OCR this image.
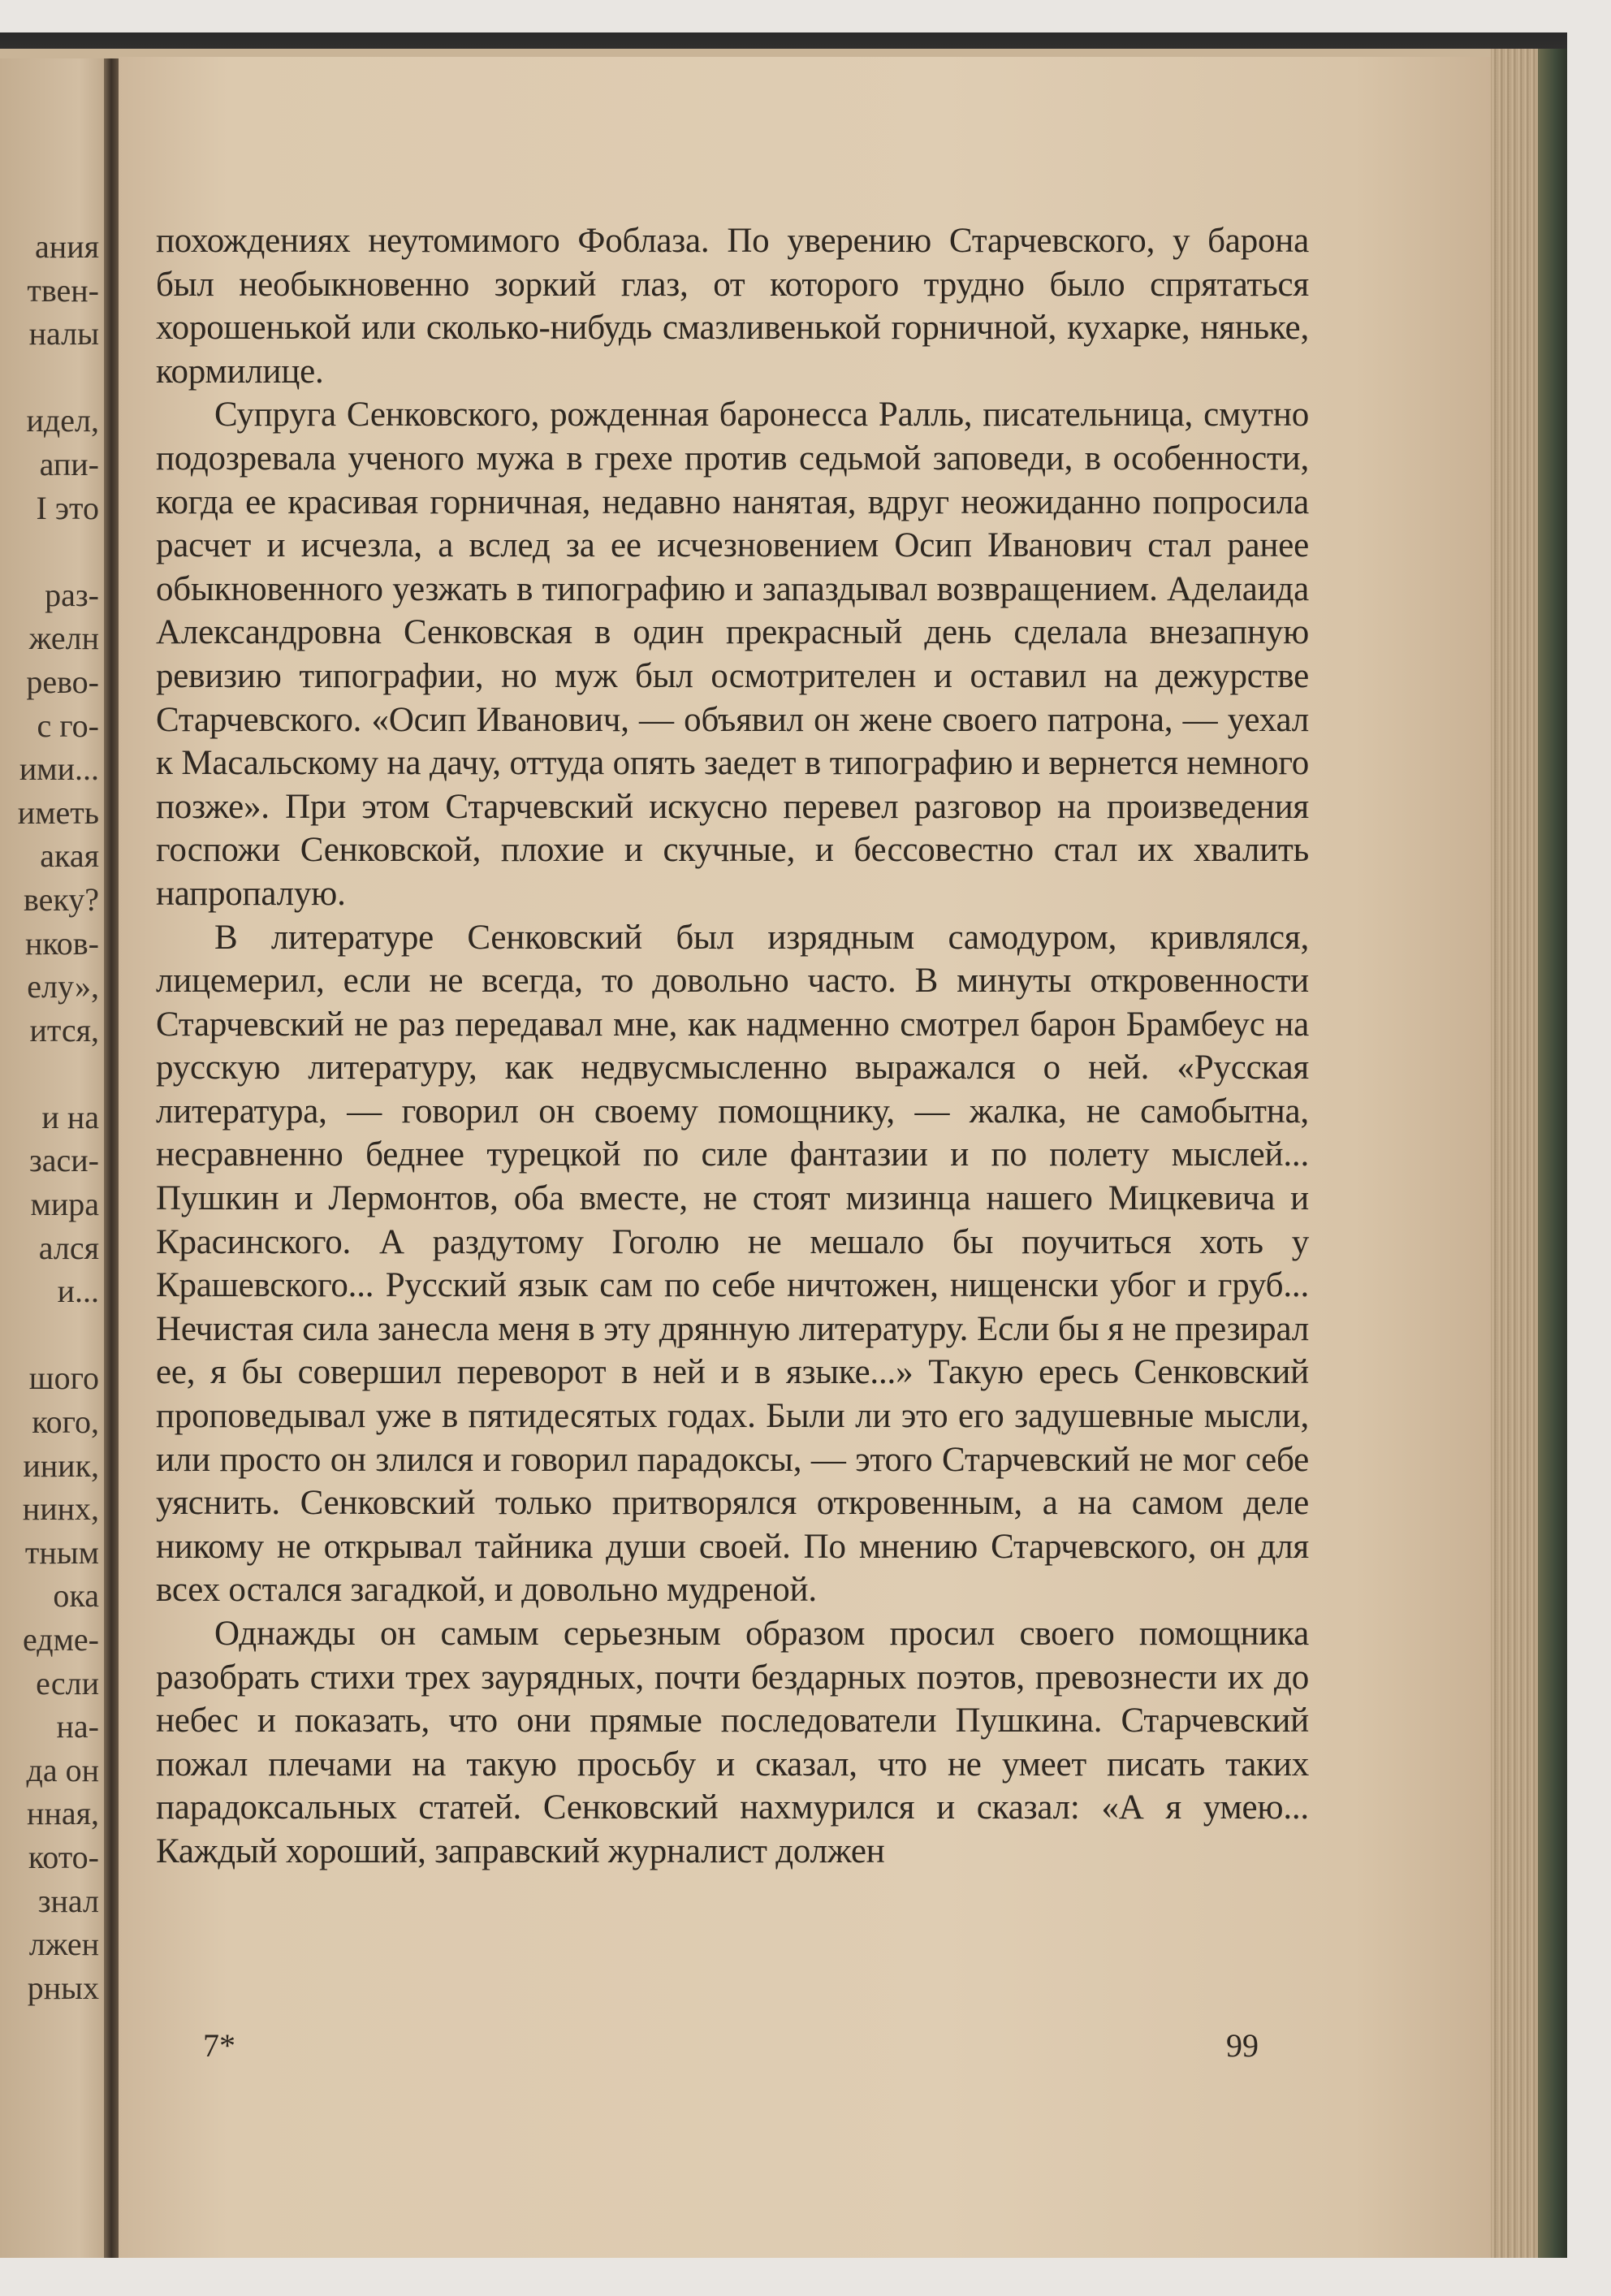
ания
твен-
налы
идел,
апи-
I это
раз-
желн
рево-
с го-
ими...
иметь
акая
веку?
нков-
елу»,
ится,
и на
заси-
мира
ался
и...
шого
кого,
иник,
нинх,
тным
ока
едме-
если
на-
да он
нная,
кото-
знал
лжен
рных

похождениях неутомимого Фоблаза. По уверению Старчевского, у барона был необыкновенно зоркий глаз, от которого трудно было спрятаться хорошенькой или сколько-нибудь смазливенькой горничной, кухарке, няньке, кормилице.

Супруга Сенковского, рожденная баронесса Ралль, писательница, смутно подозревала ученого мужа в грехе против седьмой заповеди, в особенности, когда ее красивая горничная, недавно нанятая, вдруг неожиданно попросила расчет и исчезла, а вслед за ее исчезновением Осип Иванович стал ранее обыкновенного уезжать в типографию и запаздывал возвращением. Аделаида Александровна Сенковская в один прекрасный день сделала внезапную ревизию типографии, но муж был осмотрителен и оставил на дежурстве Старчевского. «Осип Иванович, — объявил он жене своего патрона, — уехал к Масальскому на дачу, оттуда опять заедет в типографию и вернется немного позже». При этом Старчевский искусно перевел разговор на произведения госпожи Сенковской, плохие и скучные, и бессовестно стал их хвалить напропалую.

В литературе Сенковский был изрядным самодуром, кривлялся, лицемерил, если не всегда, то довольно часто. В минуты откровенности Старчевский не раз передавал мне, как надменно смотрел барон Брамбеус на русскую литературу, как недвусмысленно выражался о ней. «Русская литература, — говорил он своему помощнику, — жалка, не самобытна, несравненно беднее турецкой по силе фантазии и по полету мыслей... Пушкин и Лермонтов, оба вместе, не стоят мизинца нашего Мицкевича и Красинского. А раздутому Гоголю не мешало бы поучиться хоть у Крашевского... Русский язык сам по себе ничтожен, нищенски убог и груб... Нечистая сила занесла меня в эту дрянную литературу. Если бы я не презирал ее, я бы совершил переворот в ней и в языке...» Такую ересь Сенковский проповедывал уже в пятидесятых годах. Были ли это его задушевные мысли, или просто он злился и говорил парадоксы, — этого Старчевский не мог себе уяснить. Сенковский только притворялся откровенным, а на самом деле никому не открывал тайника души своей. По мнению Старчевского, он для всех остался загадкой, и довольно мудреной.

Однажды он самым серьезным образом просил своего помощника разобрать стихи трех заурядных, почти бездарных поэтов, превознести их до небес и показать, что они прямые последователи Пушкина. Старчевский пожал плечами на такую просьбу и сказал, что не умеет писать таких парадоксальных статей. Сенковский нахмурился и сказал: «А я умею... Каждый хороший, заправский журналист должен

7*	99
